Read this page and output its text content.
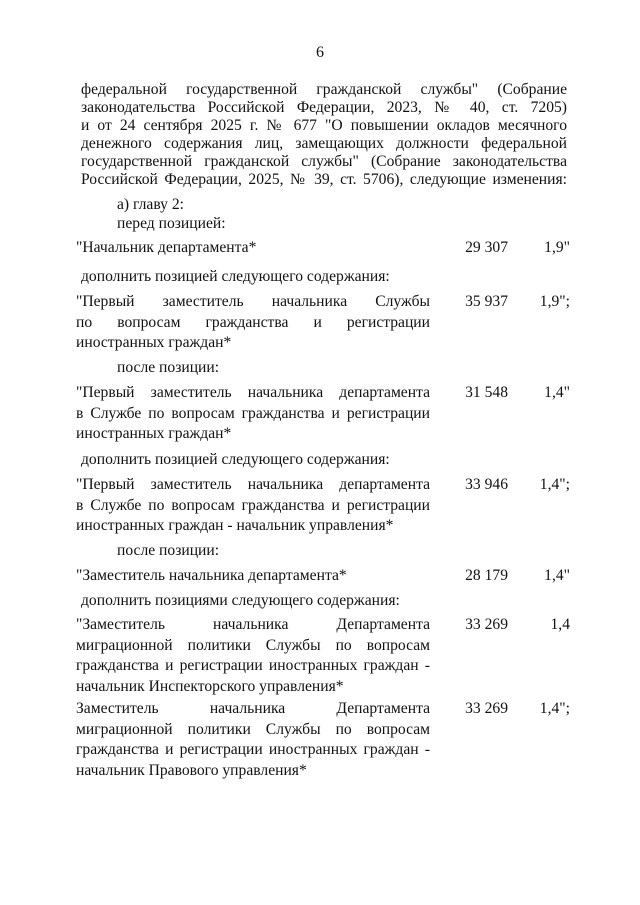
6
федеральной государственной гражданской службы" (Собрание
законодательства Российской Федерации, 2023, № 40, ст. 7205)
и от 24 сентября 2025 г. № 677 "О повышении окладов месячного
денежного содержания лиц, замещающих должности федеральной
государственной гражданской службы" (Собрание законодательства
Российской Федерации, 2025, № 39, ст. 5706), следующие изменения:
а) главу 2:
перед позицией:
"Начальник департамента*	29 307	1,9"
дополнить позицией следующего содержания:
"Первый заместитель начальника Службы
по вопросам гражданства и регистрации
иностранных граждан*
35 937	1,9";
после позиции:
"Первый заместитель начальника департамента
в Службе по вопросам гражданства и регистрации
иностранных граждан*
31 548	1,4"
дополнить позицией следующего содержания:
"Первый заместитель начальника департамента
в Службе по вопросам гражданства и регистрации
иностранных граждан - начальник управления*
33 946	1,4";
после позиции:
"Заместитель начальника департамента*	28 179	1,4"
дополнить позициями следующего содержания:
"Заместитель начальника Департамента
миграционной политики Службы по вопросам
гражданства и регистрации иностранных граждан -
начальник Инспекторского управления*
33 269	1,4
Заместитель начальника Департамента
миграционной политики Службы по вопросам
гражданства и регистрации иностранных граждан -
начальник Правового управления*
33 269	1,4";
